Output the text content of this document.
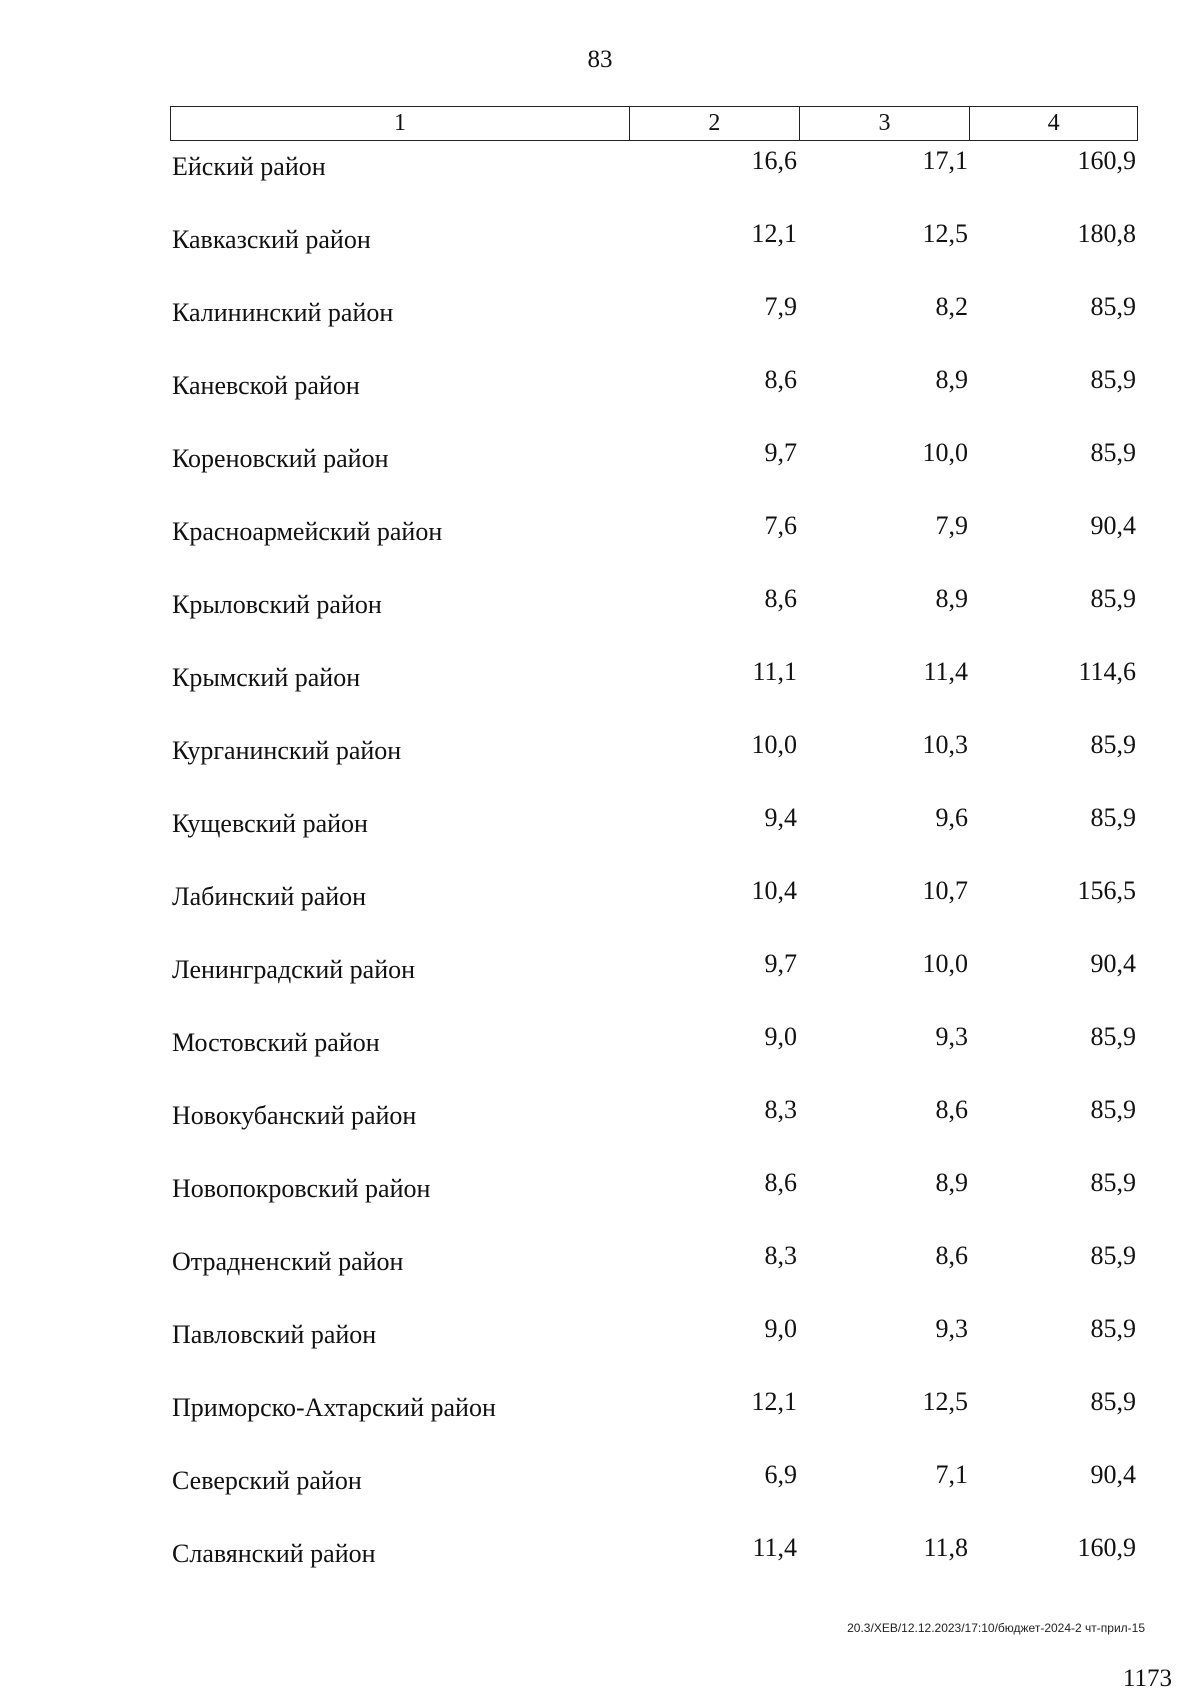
83
1	2	3	4
Ейский район	16,6	17,1	160,9
Кавказский район	12,1	12,5	180,8
Калининский район	7,9	8,2	85,9
Каневской район	8,6	8,9	85,9
Кореновский район	9,7	10,0	85,9
Красноармейский район	7,6	7,9	90,4
Крыловский район	8,6	8,9	85,9
Крымский район	11,1	11,4	114,6
Курганинский район	10,0	10,3	85,9
Кущевский район	9,4	9,6	85,9
Лабинский район	10,4	10,7	156,5
Ленинградский район	9,7	10,0	90,4
Мостовский район	9,0	9,3	85,9
Новокубанский район	8,3	8,6	85,9
Новопокровский район	8,6	8,9	85,9
Отрадненский район	8,3	8,6	85,9
Павловский район	9,0	9,3	85,9
Приморско-Ахтарский район	12,1	12,5	85,9
Северский район	6,9	7,1	90,4
Славянский район	11,4	11,8	160,9
20.3/ХЕВ/12.12.2023/17:10/бюджет-2024-2 чт-прил-15
1173
